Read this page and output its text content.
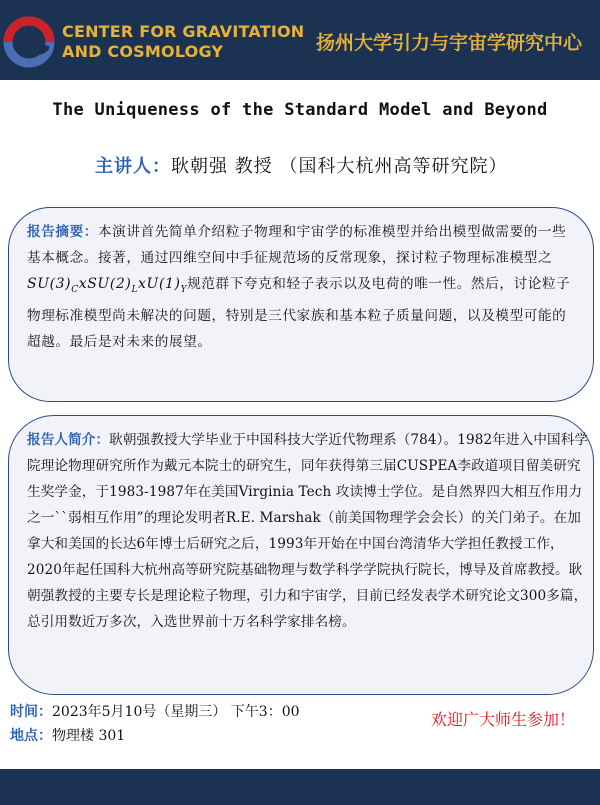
CENTER FOR GRAVITATION
AND COSMOLOGY	扬州大学引力与宇宙学研究中心
The Uniqueness of the Standard Model and Beyond
主讲人：耿朝强 教授 （国科大杭州高等研究院）
报告摘要：本演讲首先简单介绍粒子物理和宇宙学的标准模型并给出模型做需要的一些基本概念。接著，通过四维空间中手征规范场的反常现象，探讨粒子物理标准模型之$SU(3)_CxSU(2)_LxU(1)_Y$规范群下夸克和轻子表示以及电荷的唯一性。然后，讨论粒子物理标准模型尚未解决的问题，特别是三代家族和基本粒子质量问题，以及模型可能的超越。最后是对未来的展望。
报告人简介：耿朝强教授大学毕业于中国科技大学近代物理系（784）。1982年进入中国科学院理论物理研究所作为戴元本院士的研究生，同年获得第三届CUSPEA李政道项目留美研究生奖学金，于1983-1987年在美国Virginia Tech 攻读博士学位。是自然界四大相互作用力之一``弱相互作用”的理论发明者R.E. Marshak（前美国物理学会会长）的关门弟子。在加拿大和美国的长达6年博士后研究之后，1993年开始在中国台湾清华大学担任教授工作，2020年起任国科大杭州高等研究院基础物理与数学科学学院执行院长，博导及首席教授。耿朝强教授的主要专长是理论粒子物理，引力和宇宙学，目前已经发表学术研究论文300多篇，总引用数近万多次，入选世界前十万名科学家排名榜。
时间：2023年5月10号（星期三） 下午3：00
地点：物理楼 301
欢迎广大师生参加！
